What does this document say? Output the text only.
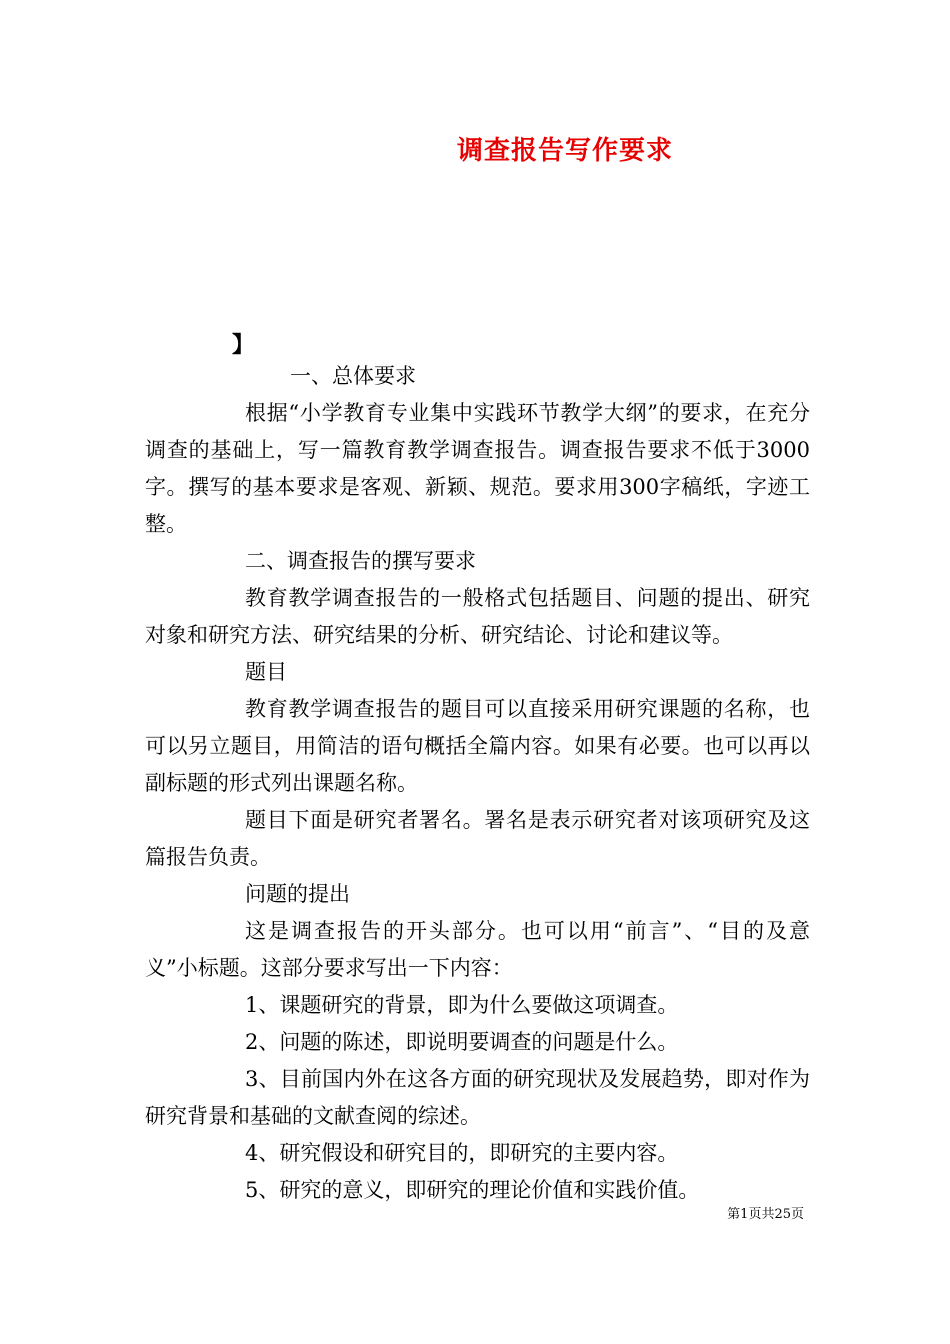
调查报告写作要求
】

一、总体要求

根据“小学教育专业集中实践环节教学大纲”的要求，在充分调查的基础上，写一篇教育教学调查报告。调查报告要求不低于3000字。撰写的基本要求是客观、新颖、规范。要求用300字稿纸，字迹工整。

二、调查报告的撰写要求

教育教学调查报告的一般格式包括题目、问题的提出、研究对象和研究方法、研究结果的分析、研究结论、讨论和建议等。

题目

教育教学调查报告的题目可以直接采用研究课题的名称，也可以另立题目，用简洁的语句概括全篇内容。如果有必要。也可以再以副标题的形式列出课题名称。

题目下面是研究者署名。署名是表示研究者对该项研究及这篇报告负责。

问题的提出

这是调查报告的开头部分。也可以用“前言”、“目的及意义”小标题。这部分要求写出一下内容：

1、课题研究的背景，即为什么要做这项调查。

2、问题的陈述，即说明要调查的问题是什么。

3、目前国内外在这各方面的研究现状及发展趋势，即对作为研究背景和基础的文献查阅的综述。

4、研究假设和研究目的，即研究的主要内容。

5、研究的意义，即研究的理论价值和实践价值。

第1页共25页
